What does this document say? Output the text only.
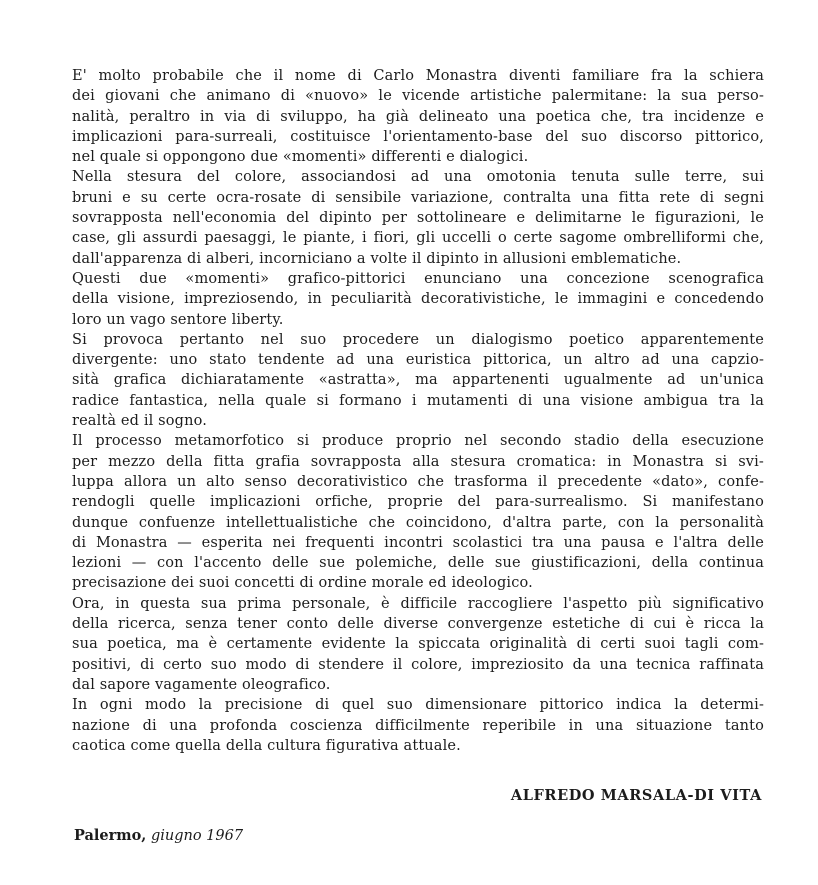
E' molto probabile che il nome di Carlo Monastra diventi familiare fra la schiera
dei giovani che animano di «nuovo» le vicende artistiche palermitane: la sua perso-
nalità, peraltro in via di sviluppo, ha già delineato una poetica che, tra incidenze e
implicazioni para-surreali, costituisce l'orientamento-base del suo discorso pittorico,
nel quale si oppongono due «momenti» differenti e dialogici.

Nella stesura del colore, associandosi ad una omotonia tenuta sulle terre, sui
bruni e su certe ocra-rosate di sensibile variazione, contralta una fitta rete di segni
sovrapposta nell'economia del dipinto per sottolineare e delimitarne le figurazioni, le
case, gli assurdi paesaggi, le piante, i fiori, gli uccelli o certe sagome ombrelliformi che,
dall'apparenza di alberi, incorniciano a volte il dipinto in allusioni emblematiche.

Questi due «momenti» grafico-pittorici enunciano una concezione scenografica
della visione, impreziosendo, in peculiarità decorativistiche, le immagini e concedendo
loro un vago sentore liberty.

Si provoca pertanto nel suo procedere un dialogismo poetico apparentemente
divergente: uno stato tendente ad una euristica pittorica, un altro ad una capzio-
sità grafica dichiaratamente «astratta», ma appartenenti ugualmente ad un'unica
radice fantastica, nella quale si formano i mutamenti di una visione ambigua tra la
realtà ed il sogno.

Il processo metamorfotico si produce proprio nel secondo stadio della esecuzione
per mezzo della fitta grafia sovrapposta alla stesura cromatica: in Monastra si svi-
luppa allora un alto senso decorativistico che trasforma il precedente «dato», confe-
rendogli quelle implicazioni orfiche, proprie del para-surrealismo. Si manifestano
dunque confuenze intellettualistiche che coincidono, d'altra parte, con la personalità
di Monastra — esperita nei frequenti incontri scolastici tra una pausa e l'altra delle
lezioni — con l'accento delle sue polemiche, delle sue giustificazioni, della continua
precisazione dei suoi concetti di ordine morale ed ideologico.

Ora, in questa sua prima personale, è difficile raccogliere l'aspetto più significativo
della ricerca, senza tener conto delle diverse convergenze estetiche di cui è ricca la
sua poetica, ma è certamente evidente la spiccata originalità di certi suoi tagli com-
positivi, di certo suo modo di stendere il colore, impreziosito da una tecnica raffinata
dal sapore vagamente oleografico.

In ogni modo la precisione di quel suo dimensionare pittorico indica la determi-
nazione di una profonda coscienza difficilmente reperibile in una situazione tanto
caotica come quella della cultura figurativa attuale.

ALFREDO MARSALA-DI VITA
Palermo, giugno 1967
